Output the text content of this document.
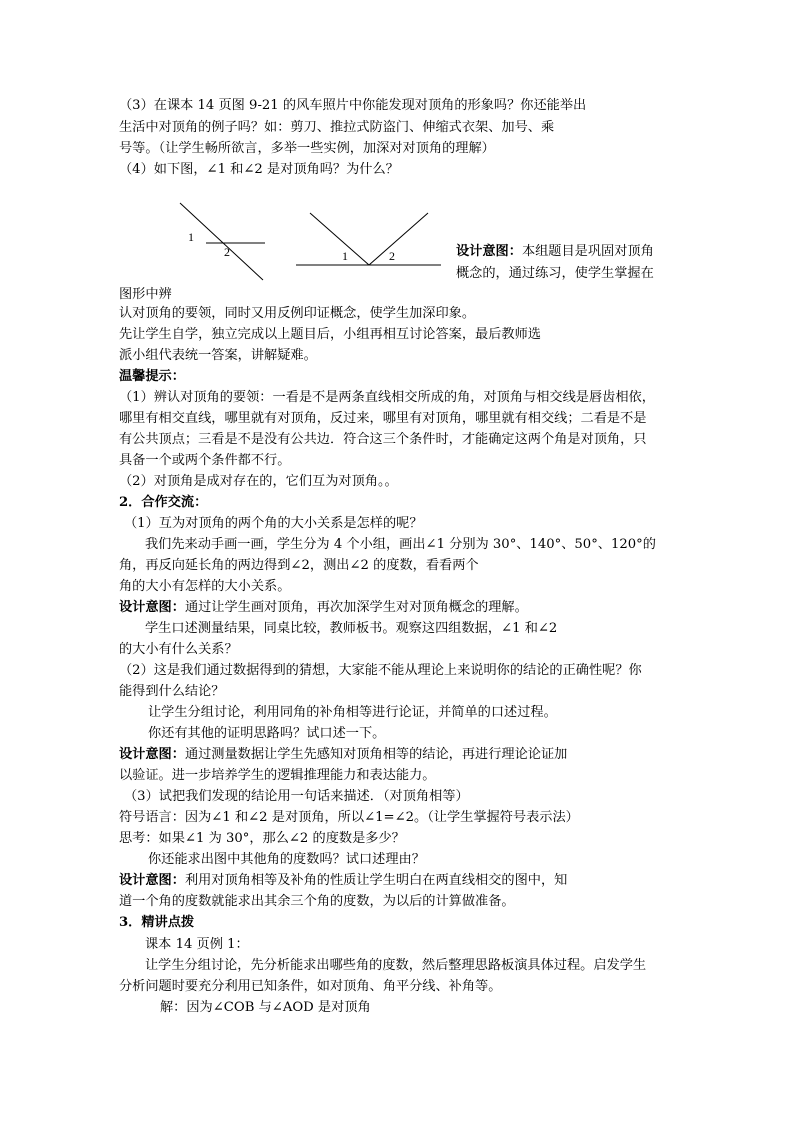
（3）在课本 14 页图 9-21 的风车照片中你能发现对顶角的形象吗？你还能举出
生活中对顶角的例子吗？如：剪刀、推拉式防盗门、伸缩式衣架、加号、乘
号等。（让学生畅所欲言，多举一些实例，加深对对顶角的理解）
（4）如下图，∠1 和∠2 是对顶角吗？为什么？
1
2	1	2	设计意图：本组题目是巩固对顶角
概念的，通过练习，使学生掌握在
图形中辨
认对顶角的要领，同时又用反例印证概念，使学生加深印象。
先让学生自学，独立完成以上题目后，小组再相互讨论答案，最后教师选
派小组代表统一答案，讲解疑难。
温馨提示：
（1）辨认对顶角的要领：一看是不是两条直线相交所成的角，对顶角与相交线是唇齿相依，
哪里有相交直线，哪里就有对顶角，反过来，哪里有对顶角，哪里就有相交线；二看是不是
有公共顶点；三看是不是没有公共边．符合这三个条件时，才能确定这两个角是对顶角，只
具备一个或两个条件都不行。
（2）对顶角是成对存在的，它们互为对顶角。。
2．合作交流：
（1）互为对顶角的两个角的大小关系是怎样的呢？
我们先来动手画一画，学生分为 4 个小组，画出∠1 分别为 30°、140°、50°、120°的
角，再反向延长角的两边得到∠2，测出∠2 的度数，看看两个
角的大小有怎样的大小关系。
设计意图：通过让学生画对顶角，再次加深学生对对顶角概念的理解。
学生口述测量结果，同桌比较，教师板书。观察这四组数据，∠1 和∠2
的大小有什么关系？
（2）这是我们通过数据得到的猜想，大家能不能从理论上来说明你的结论的正确性呢？你
能得到什么结论？
让学生分组讨论，利用同角的补角相等进行论证，并简单的口述过程。
你还有其他的证明思路吗？试口述一下。
设计意图：通过测量数据让学生先感知对顶角相等的结论，再进行理论论证加
以验证。进一步培养学生的逻辑推理能力和表达能力。
（3）试把我们发现的结论用一句话来描述．（对顶角相等）
符号语言：因为∠1 和∠2 是对顶角，所以∠1=∠2。（让学生掌握符号表示法）
思考：如果∠1 为 30°，那么∠2 的度数是多少？
你还能求出图中其他角的度数吗？试口述理由？
设计意图：利用对顶角相等及补角的性质让学生明白在两直线相交的图中，知
道一个角的度数就能求出其余三个角的度数，为以后的计算做准备。
3．精讲点拨
课本 14 页例 1：
让学生分组讨论，先分析能求出哪些角的度数，然后整理思路板演具体过程。启发学生
分析问题时要充分利用已知条件，如对顶角、角平分线、补角等。
解：因为∠COB 与∠AOD 是对顶角
